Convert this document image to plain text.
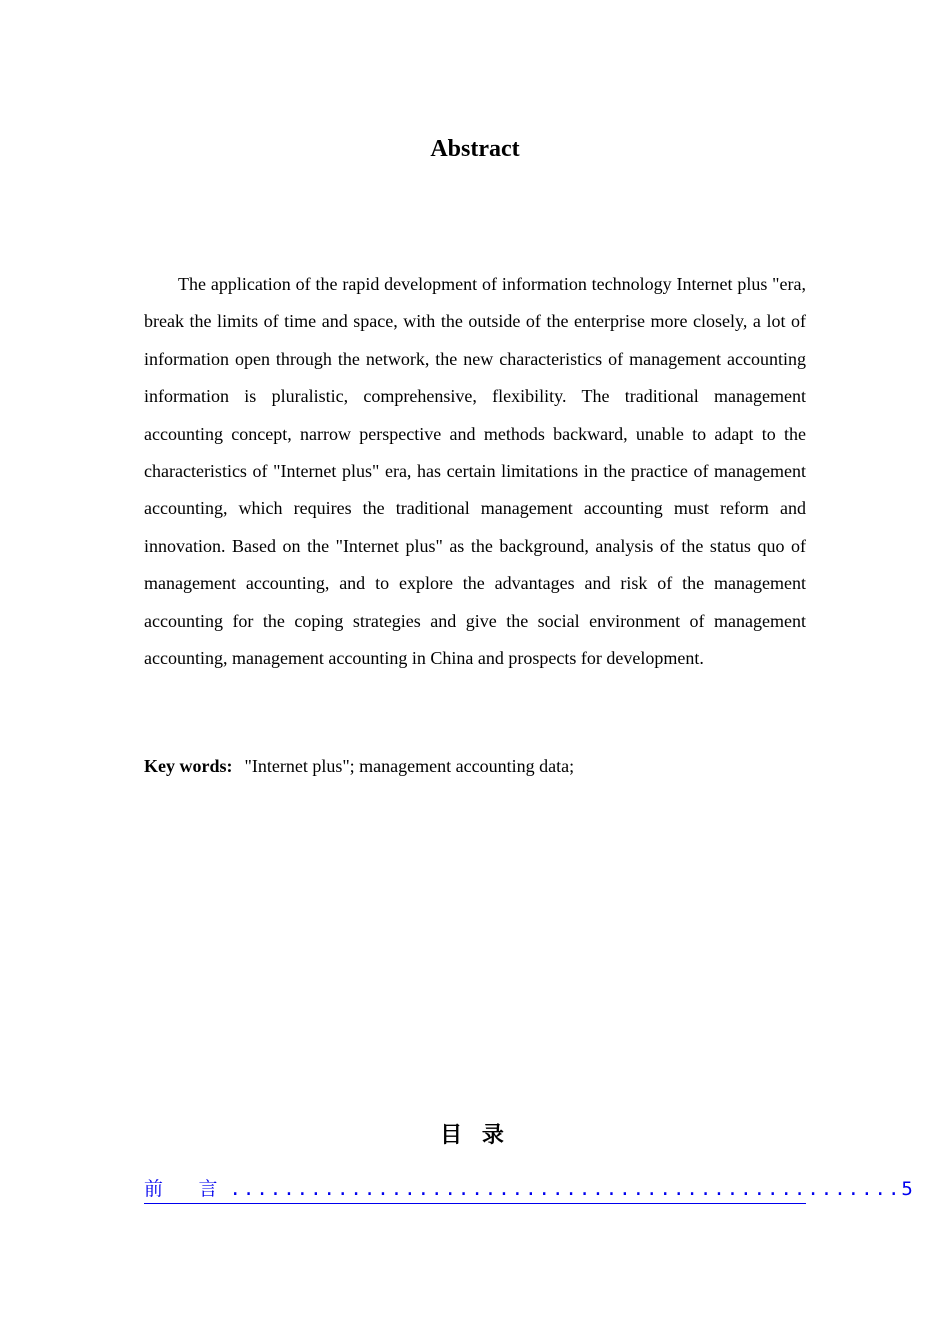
Abstract

The application of the rapid development of information technology Internet plus "era, break the limits of time and space, with the outside of the enterprise more closely, a lot of information open through the network, the new characteristics of management accounting information is pluralistic, comprehensive, flexibility. The traditional management accounting concept, narrow perspective and methods backward, unable to adapt to the characteristics of "Internet plus" era, has certain limitations in the practice of management accounting, which requires the traditional management accounting must reform and innovation. Based on the "Internet plus" as the background, analysis of the status quo of management accounting, and to explore the advantages and risk of the management accounting for the coping strategies and give the social environment of management accounting, management accounting in China and prospects for development.

Key words: "Internet plus"; management accounting data;

目 录
前 言 .................................................. 5
